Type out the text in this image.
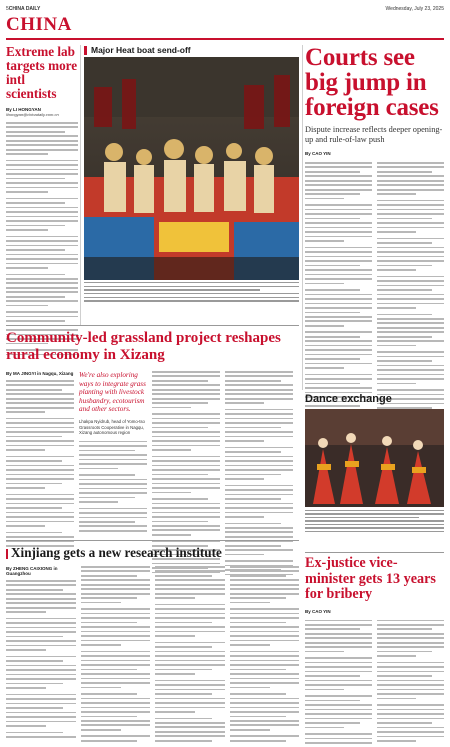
5 CHINA DAILY	Wednesday, July 23, 2025
CHINA
Extreme lab targets more intl scientists
By LI HONGYAN
lihongyan@chinadaily.com.cn
Major Heat boat send-off	Courts see big jump in foreign cases
Dispute increase reflects deeper opening-up and rule-of-law push
By CAO YIN
Community-led grassland project reshapes rural economy in Xizang
By MA JINGYI in Nagqu, Xizang We're also exploring ways to integrate grass planting with livestock husbandry, ecotourism and other sectors.
Lhakpa Nyidrub, head of Yomo-tso Grassroots Cooperative in Nagqu, Xizang autonomous region
Dance exchange
Ex-justice vice-minister gets 13 years for bribery
By CAO YIN
Xinjiang gets a new research institute
By ZHENG CAIXIONG in Guangzhou
